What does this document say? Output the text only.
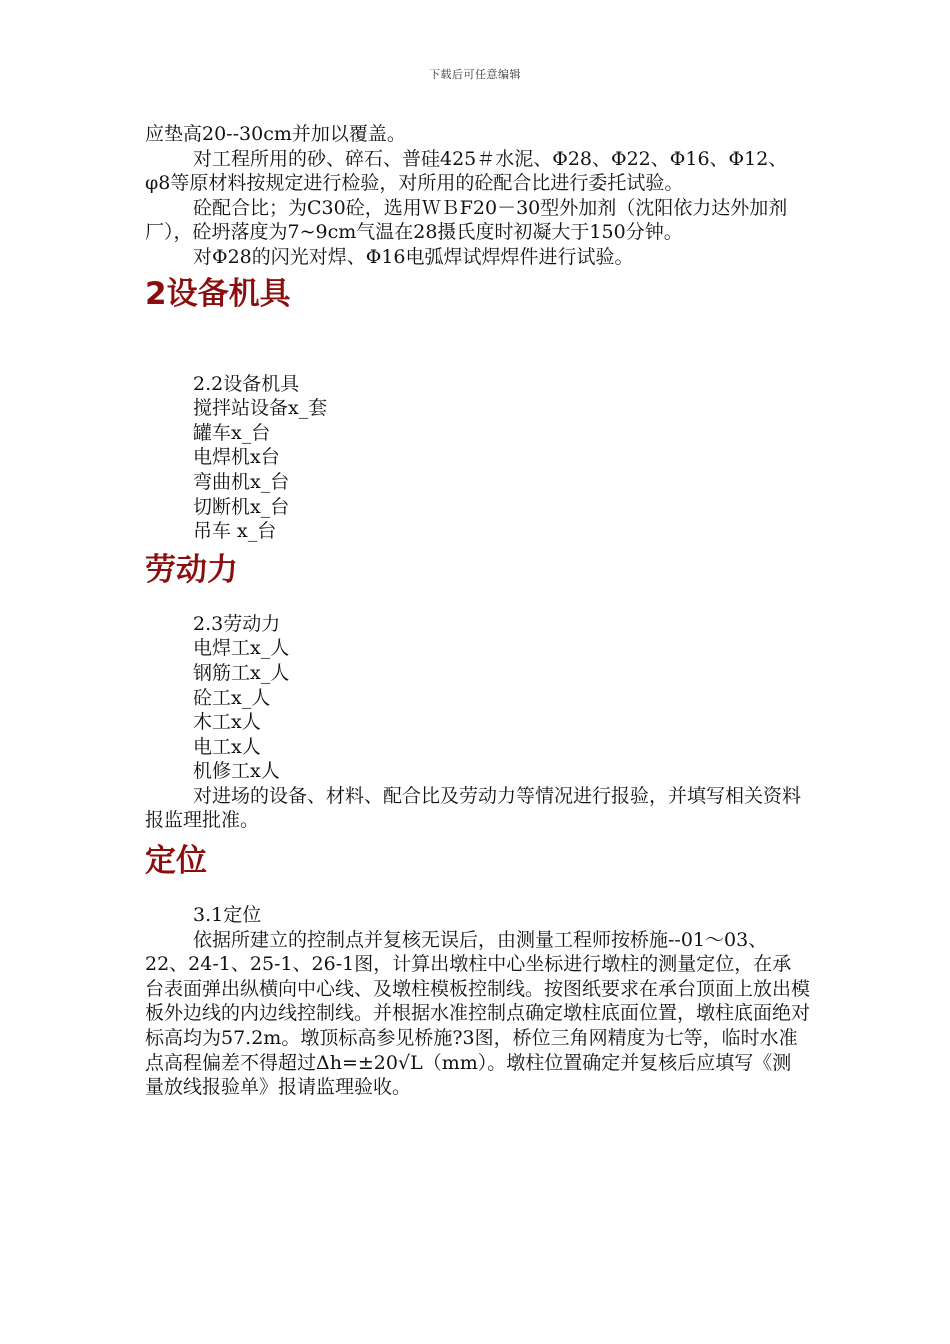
下载后可任意编辑

应垫高20--30cm并加以覆盖。

对工程所用的砂、碎石、普硅425＃水泥、Φ28、Φ22、Φ16、Φ12、φ8等原材料按规定进行检验，对所用的砼配合比进行委托试验。

砼配合比；为C30砼，选用ＷＢF20－30型外加剂（沈阳依力达外加剂厂），砼坍落度为7~9cm气温在28摄氏度时初凝大于150分钟。

对Φ28的闪光对焊、Φ16电弧焊试焊焊件进行试验。

2设备机具

2.2设备机具

搅拌站设备x_套

罐车x_台

电焊机x台

弯曲机x_台

切断机x_台

吊车 x_台

劳动力

2.3劳动力

电焊工x_人

钢筋工x_人

砼工x_人

木工x人

电工x人

机修工x人

对进场的设备、材料、配合比及劳动力等情况进行报验，并填写相关资料报监理批准。

定位

3.1定位

依据所建立的控制点并复核无误后，由测量工程师按桥施--01～03、22、24-1、25-1、26-1图，计算出墩柱中心坐标进行墩柱的测量定位，在承台表面弹出纵横向中心线、及墩柱模板控制线。按图纸要求在承台顶面上放出模板外边线的内边线控制线。并根据水准控制点确定墩柱底面位置，墩柱底面绝对标高均为57.2m。墩顶标高参见桥施?3图，桥位三角网精度为七等，临时水准点高程偏差不得超过Δh=±20√L（mm）。墩柱位置确定并复核后应填写《测量放线报验单》报请监理验收。
